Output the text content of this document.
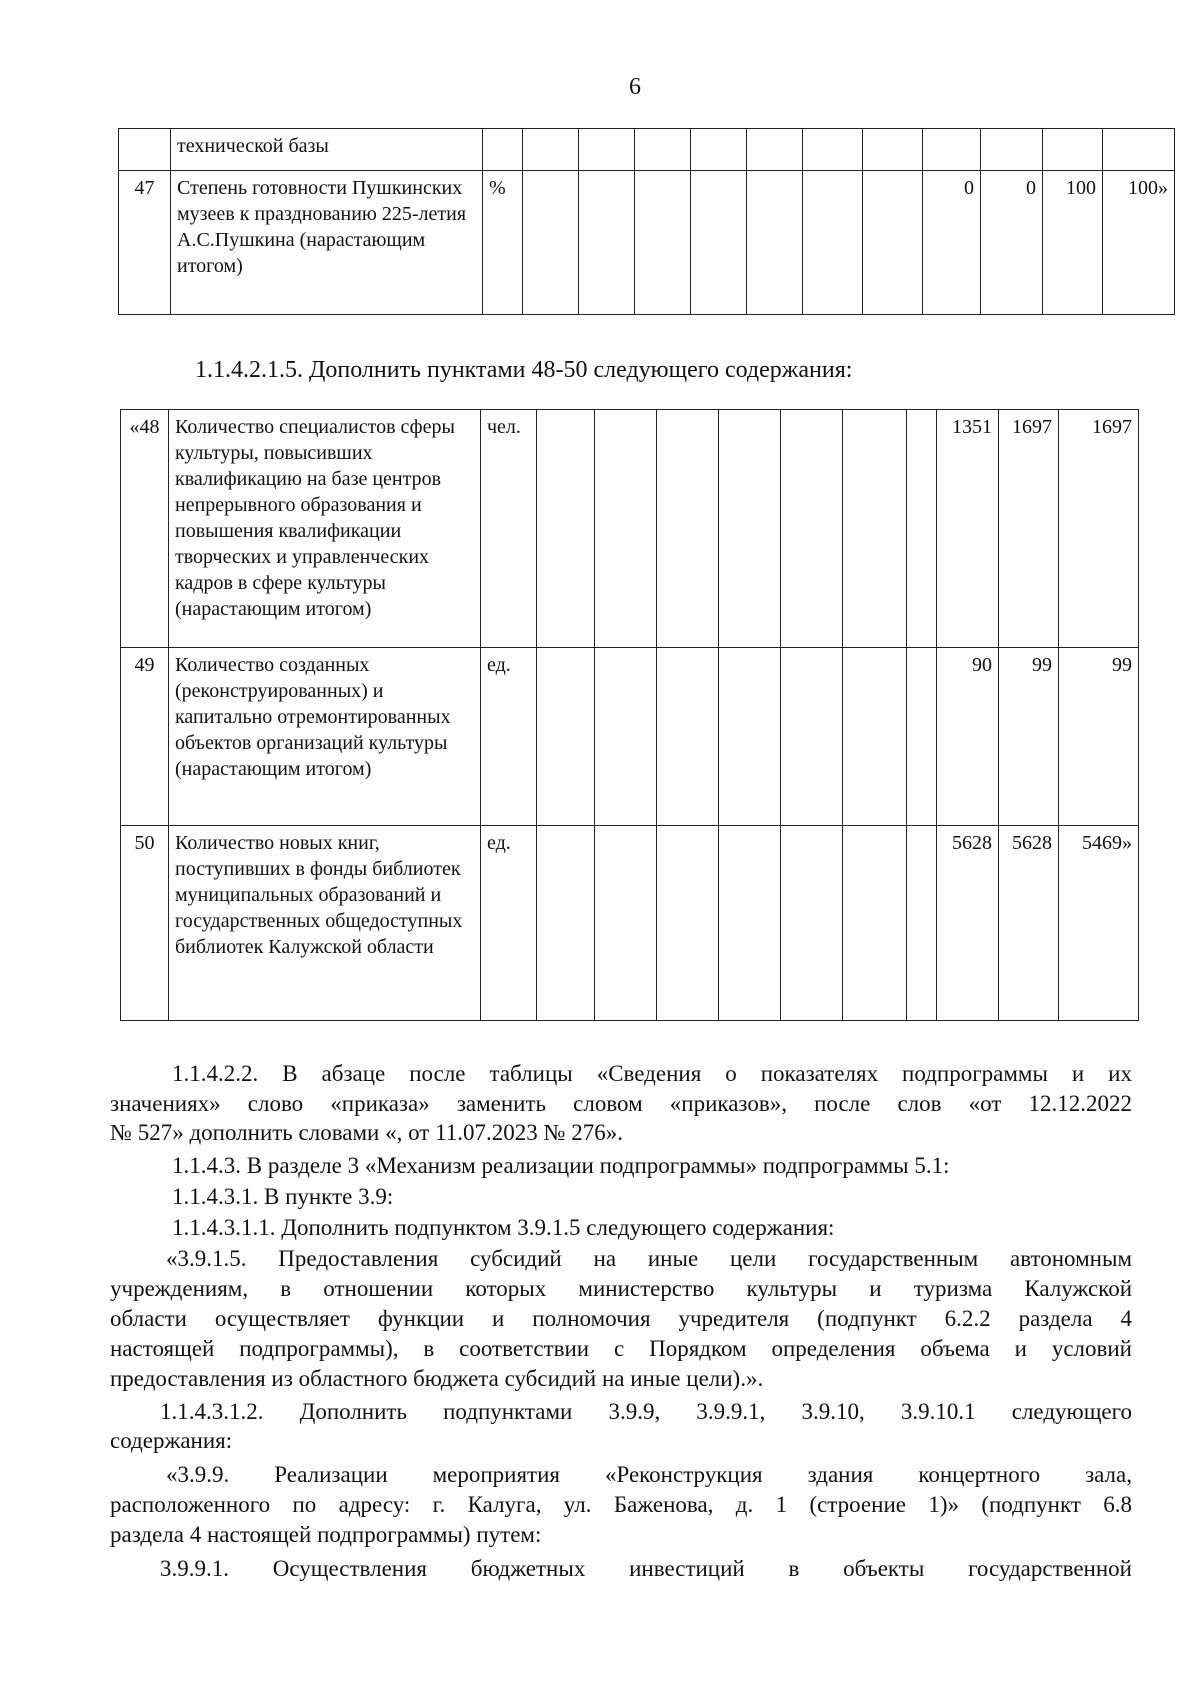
6
	технической базы												
47	Степень готовности Пушкинских музеев к празднованию 225-летия А.С.Пушкина (нарастающим итогом)	%								0	0	100	100»
1.1.4.2.1.5. Дополнить пунктами 48-50 следующего содержания:
«48	Количество специалистов сферы культуры, повысивших квалификацию на базе центров непрерывного образования и повышения квалификации творческих и управленческих кадров в сфере культуры (нарастающим итогом)	чел.								1351	1697	1697
49	Количество созданных (реконструированных) и капитально отремонтированных объектов организаций культуры (нарастающим итогом)	ед.								90	99	99
50	Количество новых книг, поступивших в фонды библиотек муниципальных образований и государственных общедоступных библиотек Калужской области	ед.								5628	5628	5469»
1.1.4.2.2. В абзаце после таблицы «Сведения о показателях подпрограммы и их
значениях» слово «приказа» заменить словом «приказов», после слов «от 12.12.2022
№ 527» дополнить словами «, от 11.07.2023 № 276».
1.1.4.3. В разделе 3 «Механизм реализации подпрограммы» подпрограммы 5.1:
1.1.4.3.1. В пункте 3.9:
1.1.4.3.1.1. Дополнить подпунктом 3.9.1.5 следующего содержания:
«3.9.1.5. Предоставления субсидий на иные цели государственным автономным
учреждениям, в отношении которых министерство культуры и туризма Калужской
области осуществляет функции и полномочия учредителя (подпункт 6.2.2 раздела 4
настоящей подпрограммы), в соответствии с Порядком определения объема и условий
предоставления из областного бюджета субсидий на иные цели).».
1.1.4.3.1.2. Дополнить подпунктами 3.9.9, 3.9.9.1, 3.9.10, 3.9.10.1 следующего
содержания:
«3.9.9. Реализации мероприятия «Реконструкция здания концертного зала,
расположенного по адресу: г. Калуга, ул. Баженова, д. 1 (строение 1)» (подпункт 6.8
раздела 4 настоящей подпрограммы) путем:
3.9.9.1. Осуществления бюджетных инвестиций в объекты государственной
